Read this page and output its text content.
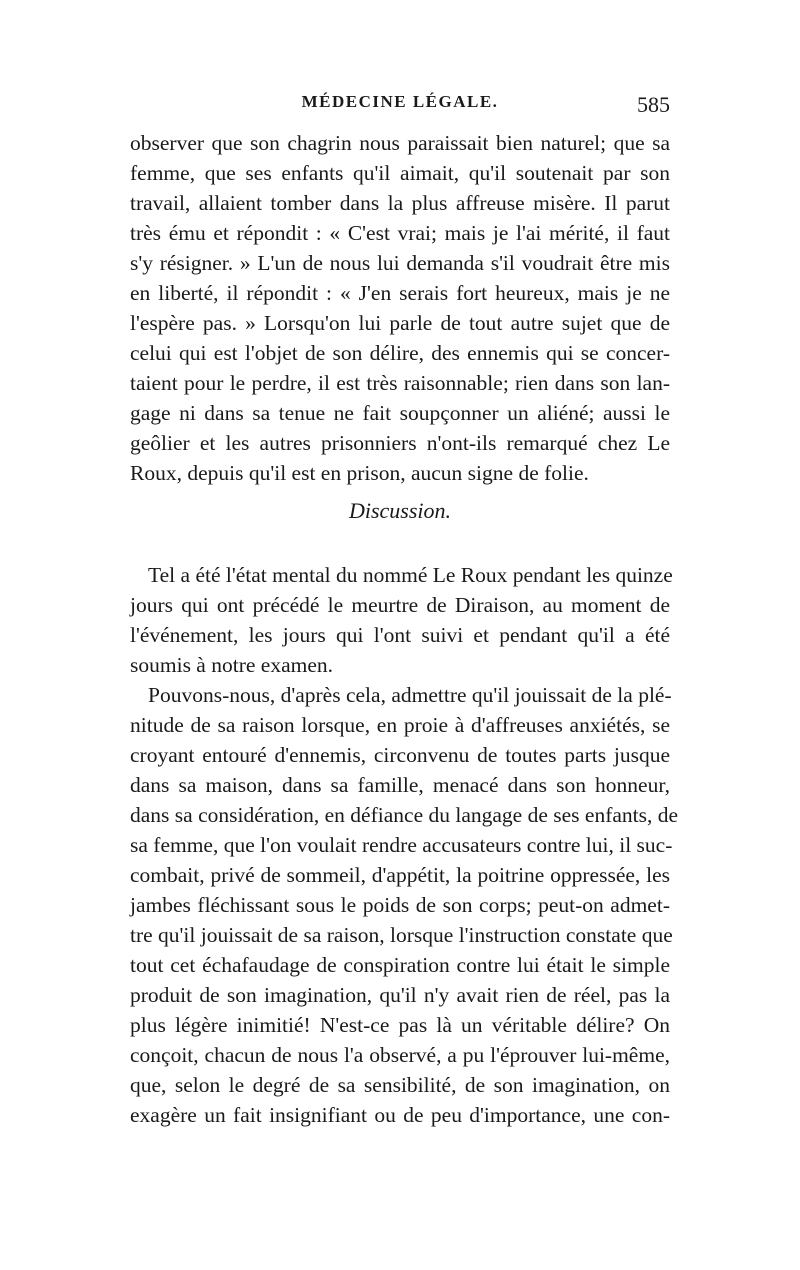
MÉDECINE LÉGALE.	585
observer que son chagrin nous paraissait bien naturel; que sa
femme, que ses enfants qu'il aimait, qu'il soutenait par son
travail, allaient tomber dans la plus affreuse misère. Il parut
très ému et répondit : « C'est vrai; mais je l'ai mérité, il faut
s'y résigner. » L'un de nous lui demanda s'il voudrait être mis
en liberté, il répondit : « J'en serais fort heureux, mais je ne
l'espère pas. » Lorsqu'on lui parle de tout autre sujet que de
celui qui est l'objet de son délire, des ennemis qui se concer-
taient pour le perdre, il est très raisonnable; rien dans son lan-
gage ni dans sa tenue ne fait soupçonner un aliéné; aussi le
geôlier et les autres prisonniers n'ont-ils remarqué chez Le
Roux, depuis qu'il est en prison, aucun signe de folie.
Discussion.
Tel a été l'état mental du nommé Le Roux pendant les quinze
jours qui ont précédé le meurtre de Diraison, au moment de
l'événement, les jours qui l'ont suivi et pendant qu'il a été
soumis à notre examen.
Pouvons-nous, d'après cela, admettre qu'il jouissait de la plé-
nitude de sa raison lorsque, en proie à d'affreuses anxiétés, se
croyant entouré d'ennemis, circonvenu de toutes parts jusque
dans sa maison, dans sa famille, menacé dans son honneur,
dans sa considération, en défiance du langage de ses enfants, de
sa femme, que l'on voulait rendre accusateurs contre lui, il suc-
combait, privé de sommeil, d'appétit, la poitrine oppressée, les
jambes fléchissant sous le poids de son corps; peut-on admet-
tre qu'il jouissait de sa raison, lorsque l'instruction constate que
tout cet échafaudage de conspiration contre lui était le simple
produit de son imagination, qu'il n'y avait rien de réel, pas la
plus légère inimitié! N'est-ce pas là un véritable délire? On
conçoit, chacun de nous l'a observé, a pu l'éprouver lui-même,
que, selon le degré de sa sensibilité, de son imagination, on
exagère un fait insignifiant ou de peu d'importance, une con-
